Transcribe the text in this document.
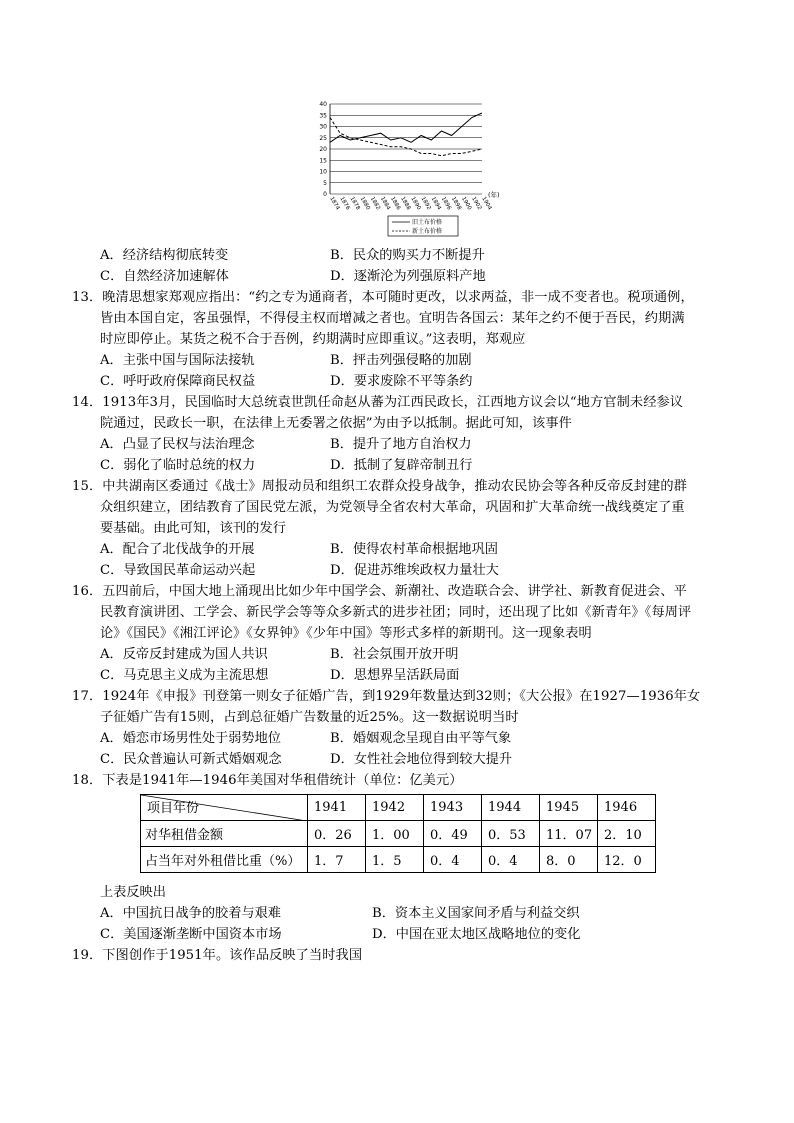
40
35
30
25
20
15
10
5
0
1874
1876
1878
1880
1882
1884
1886
1888
1890
1892
1894
1896
1898
1900
1902
1904
(年)
旧土布价格
新土布价格
A．经济结构彻底转变	B．民众的购买力不断提升
C．自然经济加速解体	D．逐渐沦为列强原料产地
13．晚清思想家郑观应指出：“约之专为通商者，本可随时更改，以求两益，非一成不变者也。税项通例，
皆由本国自定，客虽强悍，不得侵主权而增减之者也。宜明告各国云：某年之约不便于吾民，约期满
时应即停止。某货之税不合于吾例，约期满时应即重议。”这表明，郑观应
A．主张中国与国际法接轨	B．抨击列强侵略的加剧
C．呼吁政府保障商民权益	D．要求废除不平等条约
14．1913年3月，民国临时大总统袁世凯任命赵从蕃为江西民政长，江西地方议会以“地方官制未经参议
院通过，民政长一职，在法律上无委署之依据”为由予以抵制。据此可知，该事件
A．凸显了民权与法治理念	B．提升了地方自治权力
C．弱化了临时总统的权力	D．抵制了复辟帝制丑行
15．中共湖南区委通过《战士》周报动员和组织工农群众投身战争，推动农民协会等各种反帝反封建的群
众组织建立，团结教育了国民党左派，为党领导全省农村大革命，巩固和扩大革命统一战线奠定了重
要基础。由此可知，该刊的发行
A．配合了北伐战争的开展	B．使得农村革命根据地巩固
C．导致国民革命运动兴起	D．促进苏维埃政权力量壮大
16．五四前后，中国大地上涌现出比如少年中国学会、新潮社、改造联合会、讲学社、新教育促进会、平
民教育演讲团、工学会、新民学会等等众多新式的进步社团；同时，还出现了比如《新青年》《每周评
论》《国民》《湘江评论》《女界钟》《少年中国》等形式多样的新期刊。这一现象表明
A．反帝反封建成为国人共识	B．社会氛围开放开明
C．马克思主义成为主流思想	D．思想界呈活跃局面
17．1924年《申报》刊登第一则女子征婚广告，到1929年数量达到32则；《大公报》在1927—1936年女
子征婚广告有15则，占到总征婚广告数量的近25%。这一数据说明当时
A．婚恋市场男性处于弱势地位	B．婚姻观念呈现自由平等气象
C．民众普遍认可新式婚姻观念	D．女性社会地位得到较大提升
18．下表是1941年—1946年美国对华租借统计（单位：亿美元）
项目年份	1941	1942	1943	1944	1945	1946
对华租借金额	0．26	1．00	0．49	0．53	11．07	2．10
占当年对外租借比重（%）	1．7	1．5	0．4	0．4	8．0	12．0
上表反映出
A．中国抗日战争的胶着与艰难	B．资本主义国家间矛盾与利益交织
C．美国逐渐垄断中国资本市场	D．中国在亚太地区战略地位的变化
19．下图创作于1951年。该作品反映了当时我国
